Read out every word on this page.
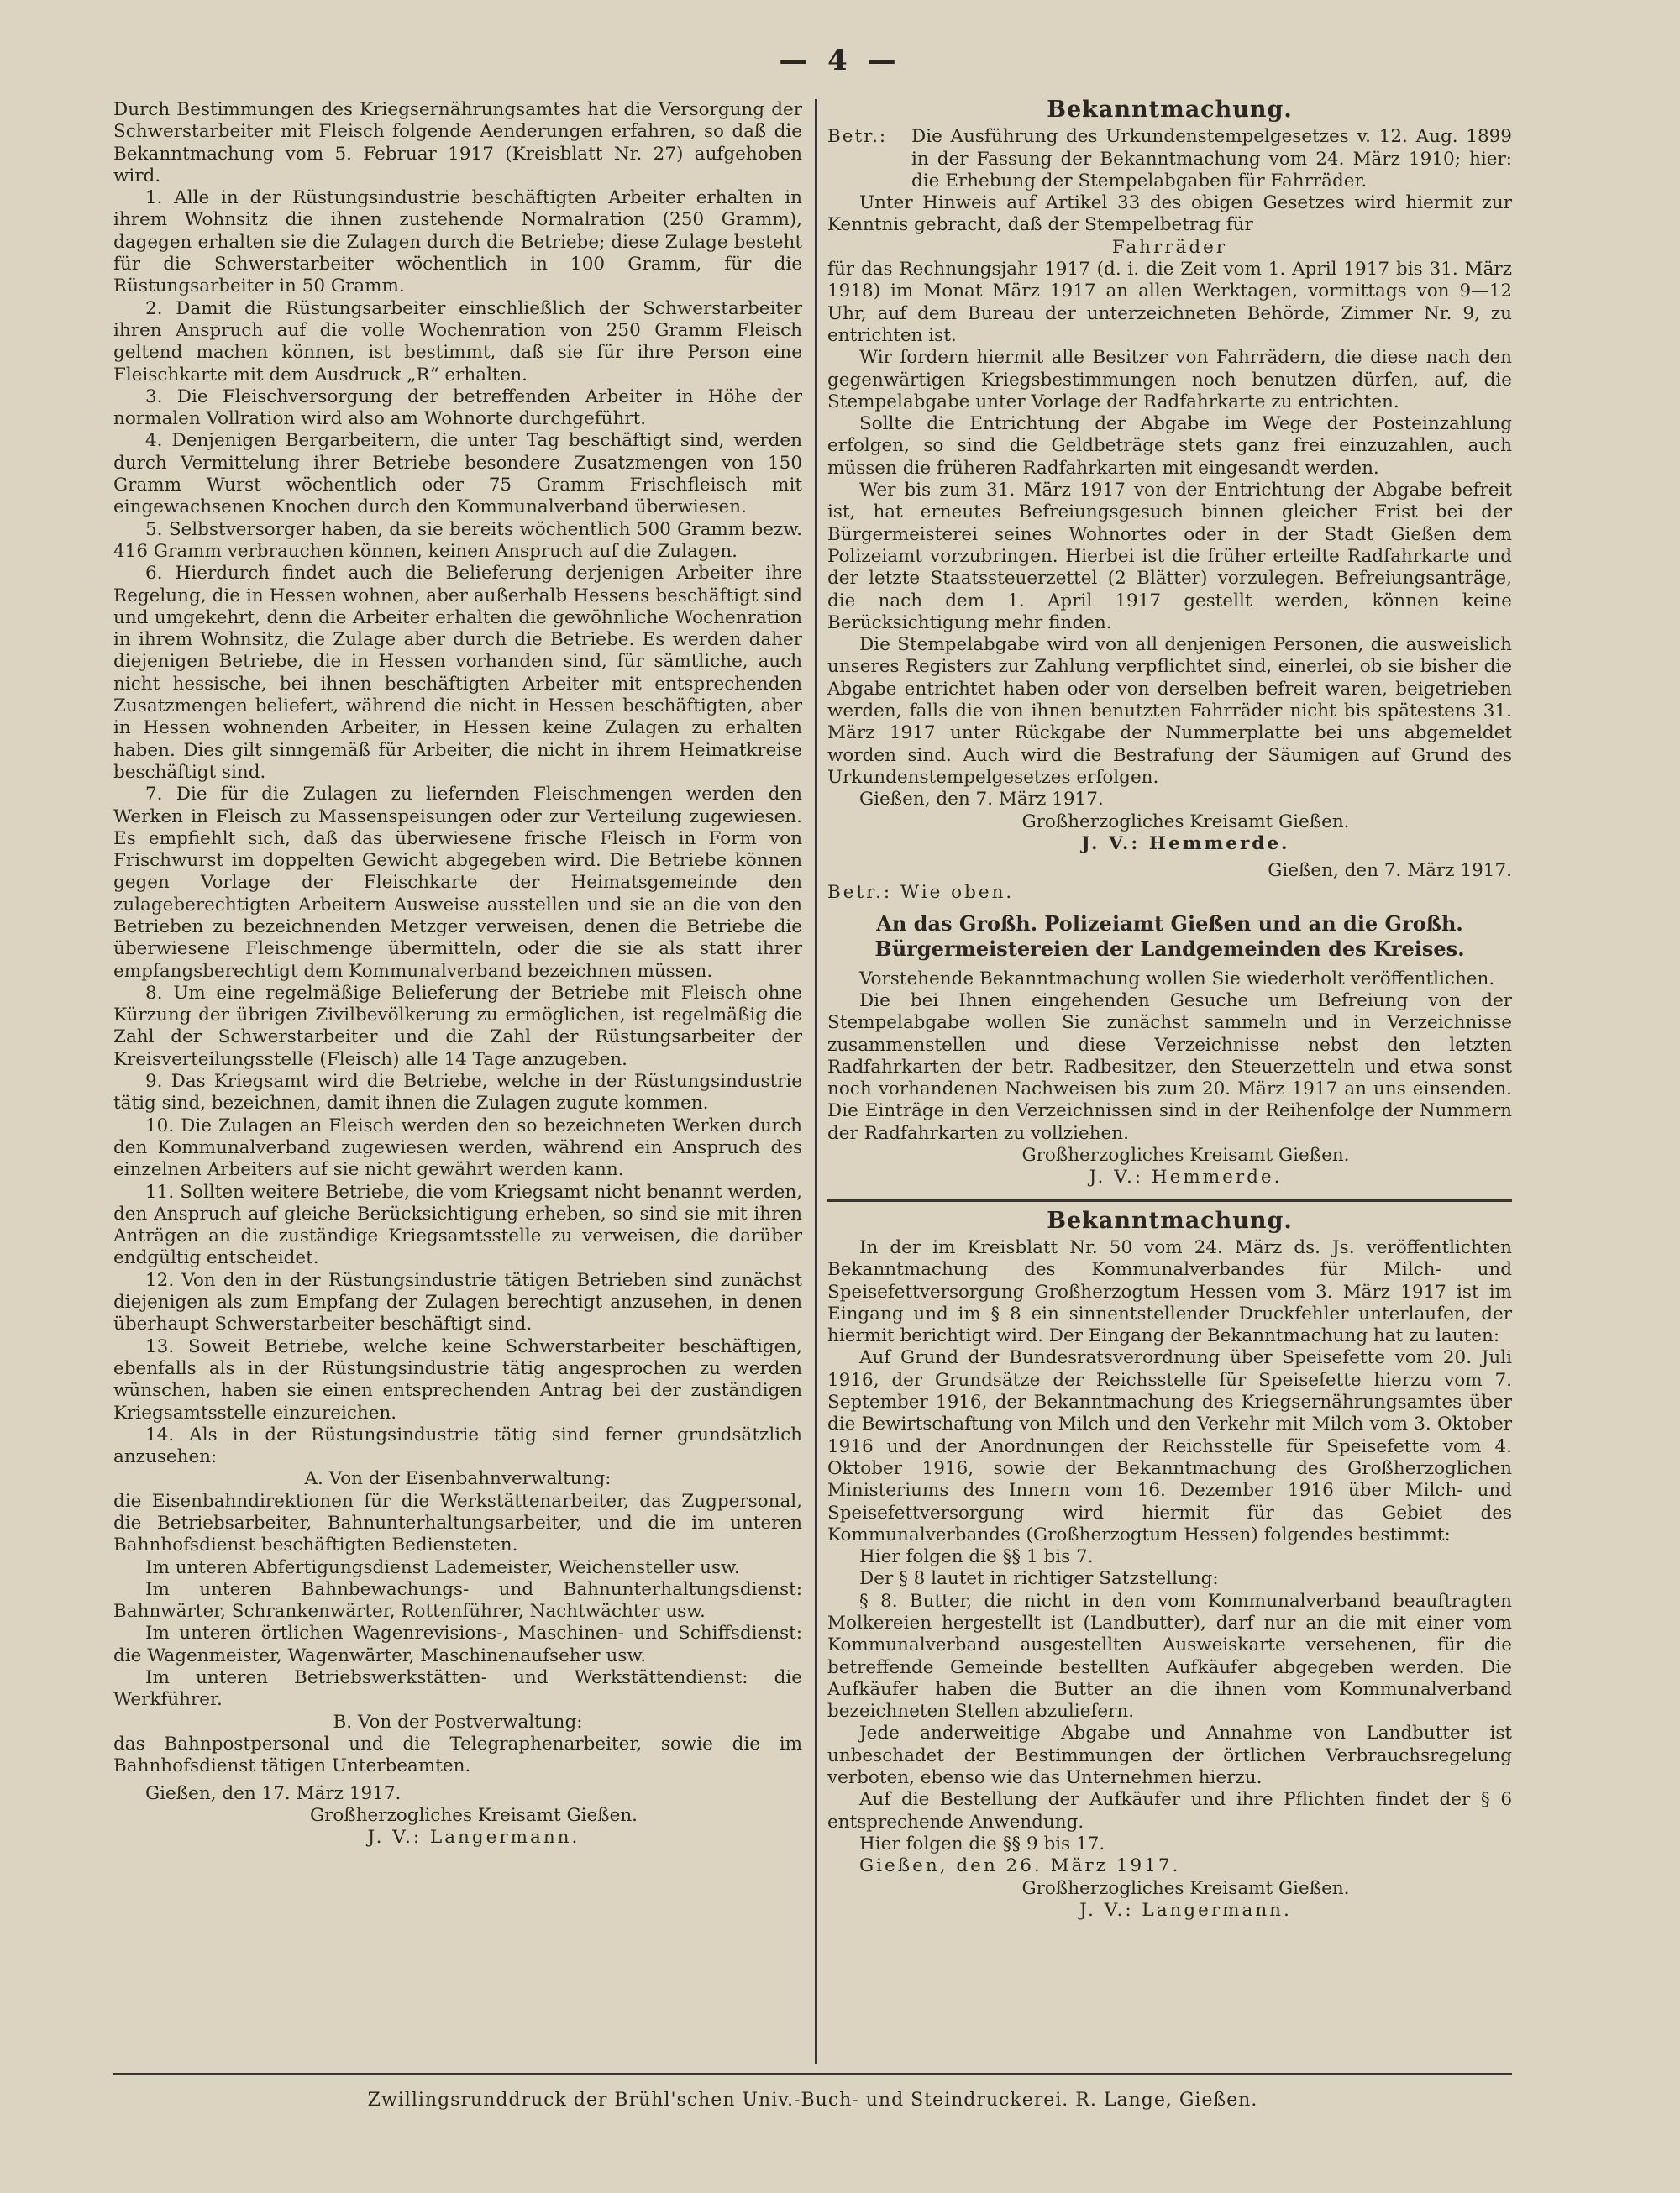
— 4 —

Durch Bestimmungen des Kriegsernährungsamtes hat die Versorgung der Schwerstarbeiter mit Fleisch folgende Aenderungen erfahren, so daß die Bekanntmachung vom 5. Februar 1917 (Kreisblatt Nr. 27) aufgehoben wird.

1. Alle in der Rüstungsindustrie beschäftigten Arbeiter erhalten in ihrem Wohnsitz die ihnen zustehende Normalration (250 Gramm), dagegen erhalten sie die Zulagen durch die Betriebe; diese Zulage besteht für die Schwerstarbeiter wöchentlich in 100 Gramm, für die Rüstungsarbeiter in 50 Gramm.

2. Damit die Rüstungsarbeiter einschließlich der Schwerstarbeiter ihren Anspruch auf die volle Wochenration von 250 Gramm Fleisch geltend machen können, ist bestimmt, daß sie für ihre Person eine Fleischkarte mit dem Ausdruck „R“ erhalten.

3. Die Fleischversorgung der betreffenden Arbeiter in Höhe der normalen Vollration wird also am Wohnorte durchgeführt.

4. Denjenigen Bergarbeitern, die unter Tag beschäftigt sind, werden durch Vermittelung ihrer Betriebe besondere Zusatzmengen von 150 Gramm Wurst wöchentlich oder 75 Gramm Frischfleisch mit eingewachsenen Knochen durch den Kommunalverband überwiesen.

5. Selbstversorger haben, da sie bereits wöchentlich 500 Gramm bezw. 416 Gramm verbrauchen können, keinen Anspruch auf die Zulagen.

6. Hierdurch findet auch die Belieferung derjenigen Arbeiter ihre Regelung, die in Hessen wohnen, aber außerhalb Hessens beschäftigt sind und umgekehrt, denn die Arbeiter erhalten die gewöhnliche Wochenration in ihrem Wohnsitz, die Zulage aber durch die Betriebe. Es werden daher diejenigen Betriebe, die in Hessen vorhanden sind, für sämtliche, auch nicht hessische, bei ihnen beschäftigten Arbeiter mit entsprechenden Zusatzmengen beliefert, während die nicht in Hessen beschäftigten, aber in Hessen wohnenden Arbeiter, in Hessen keine Zulagen zu erhalten haben. Dies gilt sinngemäß für Arbeiter, die nicht in ihrem Heimatkreise beschäftigt sind.

7. Die für die Zulagen zu liefernden Fleischmengen werden den Werken in Fleisch zu Massenspeisungen oder zur Verteilung zugewiesen. Es empfiehlt sich, daß das überwiesene frische Fleisch in Form von Frischwurst im doppelten Gewicht abgegeben wird. Die Betriebe können gegen Vorlage der Fleischkarte der Heimatsgemeinde den zulageberechtigten Arbeitern Ausweise ausstellen und sie an die von den Betrieben zu bezeichnenden Metzger verweisen, denen die Betriebe die überwiesene Fleischmenge übermitteln, oder die sie als statt ihrer empfangsberechtigt dem Kommunalverband bezeichnen müssen.

8. Um eine regelmäßige Belieferung der Betriebe mit Fleisch ohne Kürzung der übrigen Zivilbevölkerung zu ermöglichen, ist regelmäßig die Zahl der Schwerstarbeiter und die Zahl der Rüstungsarbeiter der Kreisverteilungsstelle (Fleisch) alle 14 Tage anzugeben.

9. Das Kriegsamt wird die Betriebe, welche in der Rüstungsindustrie tätig sind, bezeichnen, damit ihnen die Zulagen zugute kommen.

10. Die Zulagen an Fleisch werden den so bezeichneten Werken durch den Kommunalverband zugewiesen werden, während ein Anspruch des einzelnen Arbeiters auf sie nicht gewährt werden kann.

11. Sollten weitere Betriebe, die vom Kriegsamt nicht benannt werden, den Anspruch auf gleiche Berücksichtigung erheben, so sind sie mit ihren Anträgen an die zuständige Kriegsamtsstelle zu verweisen, die darüber endgültig entscheidet.

12. Von den in der Rüstungsindustrie tätigen Betrieben sind zunächst diejenigen als zum Empfang der Zulagen berechtigt anzusehen, in denen überhaupt Schwerstarbeiter beschäftigt sind.

13. Soweit Betriebe, welche keine Schwerstarbeiter beschäftigen, ebenfalls als in der Rüstungsindustrie tätig angesprochen zu werden wünschen, haben sie einen entsprechenden Antrag bei der zuständigen Kriegsamtsstelle einzureichen.

14. Als in der Rüstungsindustrie tätig sind ferner grundsätzlich anzusehen:

A. Von der Eisenbahnverwaltung:

die Eisenbahndirektionen für die Werkstättenarbeiter, das Zugpersonal, die Betriebsarbeiter, Bahnunterhaltungsarbeiter, und die im unteren Bahnhofsdienst beschäftigten Bediensteten.

Im unteren Abfertigungsdienst Lademeister, Weichensteller usw.

Im unteren Bahnbewachungs- und Bahnunterhaltungsdienst: Bahnwärter, Schrankenwärter, Rottenführer, Nachtwächter usw.

Im unteren örtlichen Wagenrevisions-, Maschinen- und Schiffsdienst: die Wagenmeister, Wagenwärter, Maschinenaufseher usw.

Im unteren Betriebswerkstätten- und Werkstättendienst: die Werkführer.

B. Von der Postverwaltung:

das Bahnpostpersonal und die Telegraphenarbeiter, sowie die im Bahnhofsdienst tätigen Unterbeamten.

Gießen, den 17. März 1917.

Großherzogliches Kreisamt Gießen.

J. V.: Langermann.

Bekanntmachung.
Betr.:	Die Ausführung des Urkundenstempelgesetzes v. 12. Aug. 1899 in der Fassung der Bekanntmachung vom 24. März 1910; hier: die Erhebung der Stempelabgaben für Fahrräder.

Unter Hinweis auf Artikel 33 des obigen Gesetzes wird hiermit zur Kenntnis gebracht, daß der Stempelbetrag für

Fahrräder

für das Rechnungsjahr 1917 (d. i. die Zeit vom 1. April 1917 bis 31. März 1918) im Monat März 1917 an allen Werktagen, vormittags von 9—12 Uhr, auf dem Bureau der unterzeichneten Behörde, Zimmer Nr. 9, zu entrichten ist.

Wir fordern hiermit alle Besitzer von Fahrrädern, die diese nach den gegenwärtigen Kriegsbestimmungen noch benutzen dürfen, auf, die Stempelabgabe unter Vorlage der Radfahrkarte zu entrichten.

Sollte die Entrichtung der Abgabe im Wege der Posteinzahlung erfolgen, so sind die Geldbeträge stets ganz frei einzuzahlen, auch müssen die früheren Radfahrkarten mit eingesandt werden.

Wer bis zum 31. März 1917 von der Entrichtung der Abgabe befreit ist, hat erneutes Befreiungsgesuch binnen gleicher Frist bei der Bürgermeisterei seines Wohnortes oder in der Stadt Gießen dem Polizeiamt vorzubringen. Hierbei ist die früher erteilte Radfahrkarte und der letzte Staatssteuerzettel (2 Blätter) vorzulegen. Befreiungsanträge, die nach dem 1. April 1917 gestellt werden, können keine Berücksichtigung mehr finden.

Die Stempelabgabe wird von all denjenigen Personen, die ausweislich unseres Registers zur Zahlung verpflichtet sind, einerlei, ob sie bisher die Abgabe entrichtet haben oder von derselben befreit waren, beigetrieben werden, falls die von ihnen benutzten Fahrräder nicht bis spätestens 31. März 1917 unter Rückgabe der Nummerplatte bei uns abgemeldet worden sind. Auch wird die Bestrafung der Säumigen auf Grund des Urkundenstempelgesetzes erfolgen.

Gießen, den 7. März 1917.

Großherzogliches Kreisamt Gießen.

J. V.: Hemmerde.

Gießen, den 7. März 1917.

Betr.: Wie oben.

An das Großh. Polizeiamt Gießen und an die Großh. Bürgermeistereien der Landgemeinden des Kreises.

Vorstehende Bekanntmachung wollen Sie wiederholt veröffentlichen.

Die bei Ihnen eingehenden Gesuche um Befreiung von der Stempelabgabe wollen Sie zunächst sammeln und in Verzeichnisse zusammenstellen und diese Verzeichnisse nebst den letzten Radfahrkarten der betr. Radbesitzer, den Steuerzetteln und etwa sonst noch vorhandenen Nachweisen bis zum 20. März 1917 an uns einsenden. Die Einträge in den Verzeichnissen sind in der Reihenfolge der Nummern der Radfahrkarten zu vollziehen.

Großherzogliches Kreisamt Gießen.

J. V.: Hemmerde.

Bekanntmachung.

In der im Kreisblatt Nr. 50 vom 24. März ds. Js. veröffentlichten Bekanntmachung des Kommunalverbandes für Milch- und Speisefettversorgung Großherzogtum Hessen vom 3. März 1917 ist im Eingang und im § 8 ein sinnentstellender Druckfehler unterlaufen, der hiermit berichtigt wird. Der Eingang der Bekanntmachung hat zu lauten:

Auf Grund der Bundesratsverordnung über Speisefette vom 20. Juli 1916, der Grundsätze der Reichsstelle für Speisefette hierzu vom 7. September 1916, der Bekanntmachung des Kriegsernährungsamtes über die Bewirtschaftung von Milch und den Verkehr mit Milch vom 3. Oktober 1916 und der Anordnungen der Reichsstelle für Speisefette vom 4. Oktober 1916, sowie der Bekanntmachung des Großherzoglichen Ministeriums des Innern vom 16. Dezember 1916 über Milch- und Speisefettversorgung wird hiermit für das Gebiet des Kommunalverbandes (Großherzogtum Hessen) folgendes bestimmt:

Hier folgen die §§ 1 bis 7.

Der § 8 lautet in richtiger Satzstellung:

§ 8. Butter, die nicht in den vom Kommunalverband beauftragten Molkereien hergestellt ist (Landbutter), darf nur an die mit einer vom Kommunalverband ausgestellten Ausweiskarte versehenen, für die betreffende Gemeinde bestellten Aufkäufer abgegeben werden. Die Aufkäufer haben die Butter an die ihnen vom Kommunalverband bezeichneten Stellen abzuliefern.

Jede anderweitige Abgabe und Annahme von Landbutter ist unbeschadet der Bestimmungen der örtlichen Verbrauchsregelung verboten, ebenso wie das Unternehmen hierzu.

Auf die Bestellung der Aufkäufer und ihre Pflichten findet der § 6 entsprechende Anwendung.

Hier folgen die §§ 9 bis 17.

Gießen, den 26. März 1917.

Großherzogliches Kreisamt Gießen.

J. V.: Langermann.

Zwillingsrunddruck der Brühl'schen Univ.-Buch- und Steindruckerei. R. Lange, Gießen.
